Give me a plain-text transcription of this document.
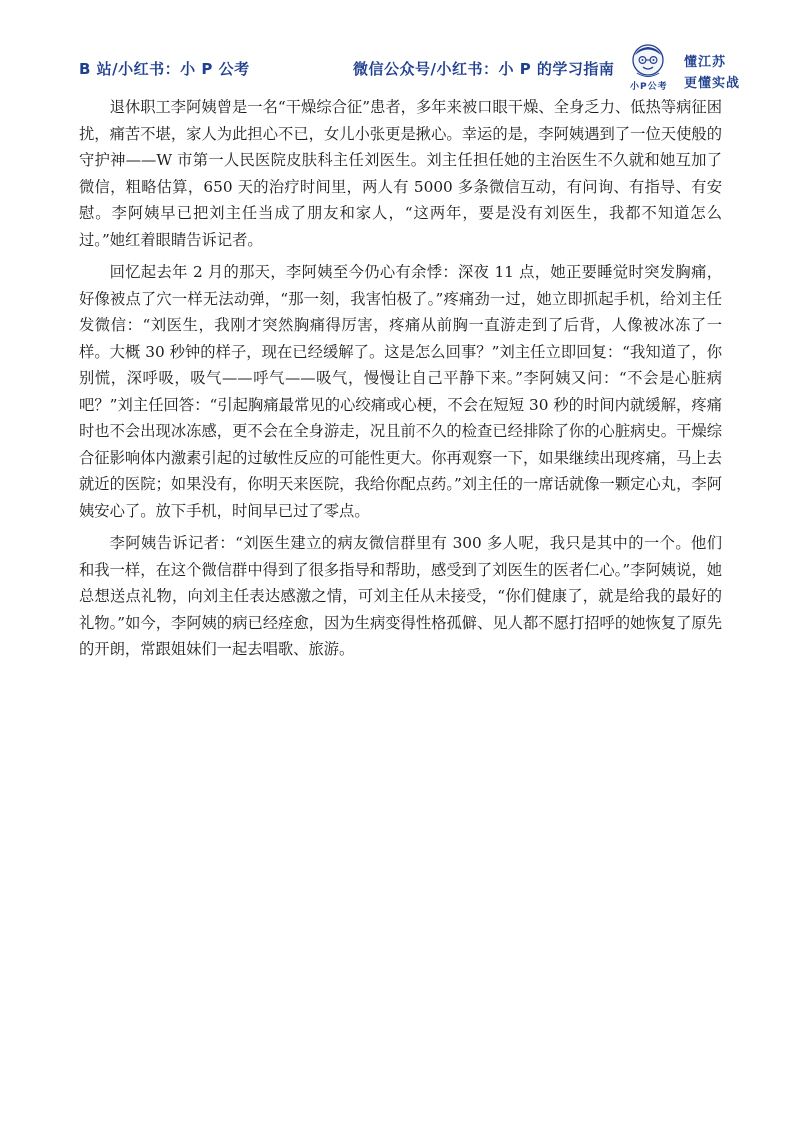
B 站/小红书：小 P 公考	微信公众号/小红书：小 P 的学习指南
小P公考
懂江苏
更懂实战

退休职工李阿姨曾是一名“干燥综合征”患者，多年来被口眼干燥、全身乏力、低热等病征困扰，痛苦不堪，家人为此担心不已，女儿小张更是揪心。幸运的是，李阿姨遇到了一位天使般的守护神——W 市第一人民医院皮肤科主任刘医生。刘主任担任她的主治医生不久就和她互加了微信，粗略估算，650 天的治疗时间里，两人有 5000 多条微信互动，有问询、有指导、有安慰。李阿姨早已把刘主任当成了朋友和家人，“这两年，要是没有刘医生，我都不知道怎么过。”她红着眼睛告诉记者。

回忆起去年 2 月的那天，李阿姨至今仍心有余悸：深夜 11 点，她正要睡觉时突发胸痛，好像被点了穴一样无法动弹，“那一刻，我害怕极了。”疼痛劲一过，她立即抓起手机，给刘主任发微信：“刘医生，我刚才突然胸痛得厉害，疼痛从前胸一直游走到了后背，人像被冰冻了一样。大概 30 秒钟的样子，现在已经缓解了。这是怎么回事？”刘主任立即回复：“我知道了，你别慌，深呼吸，吸气——呼气——吸气，慢慢让自己平静下来。”李阿姨又问：“不会是心脏病吧？”刘主任回答：“引起胸痛最常见的心绞痛或心梗，不会在短短 30 秒的时间内就缓解，疼痛时也不会出现冰冻感，更不会在全身游走，况且前不久的检查已经排除了你的心脏病史。干燥综合征影响体内激素引起的过敏性反应的可能性更大。你再观察一下，如果继续出现疼痛，马上去就近的医院；如果没有，你明天来医院，我给你配点药。”刘主任的一席话就像一颗定心丸，李阿姨安心了。放下手机，时间早已过了零点。

李阿姨告诉记者：“刘医生建立的病友微信群里有 300 多人呢，我只是其中的一个。他们和我一样，在这个微信群中得到了很多指导和帮助，感受到了刘医生的医者仁心。”李阿姨说，她总想送点礼物，向刘主任表达感激之情，可刘主任从未接受，“你们健康了，就是给我的最好的礼物。”如今，李阿姨的病已经痊愈，因为生病变得性格孤僻、见人都不愿打招呼的她恢复了原先的开朗，常跟姐妹们一起去唱歌、旅游。
